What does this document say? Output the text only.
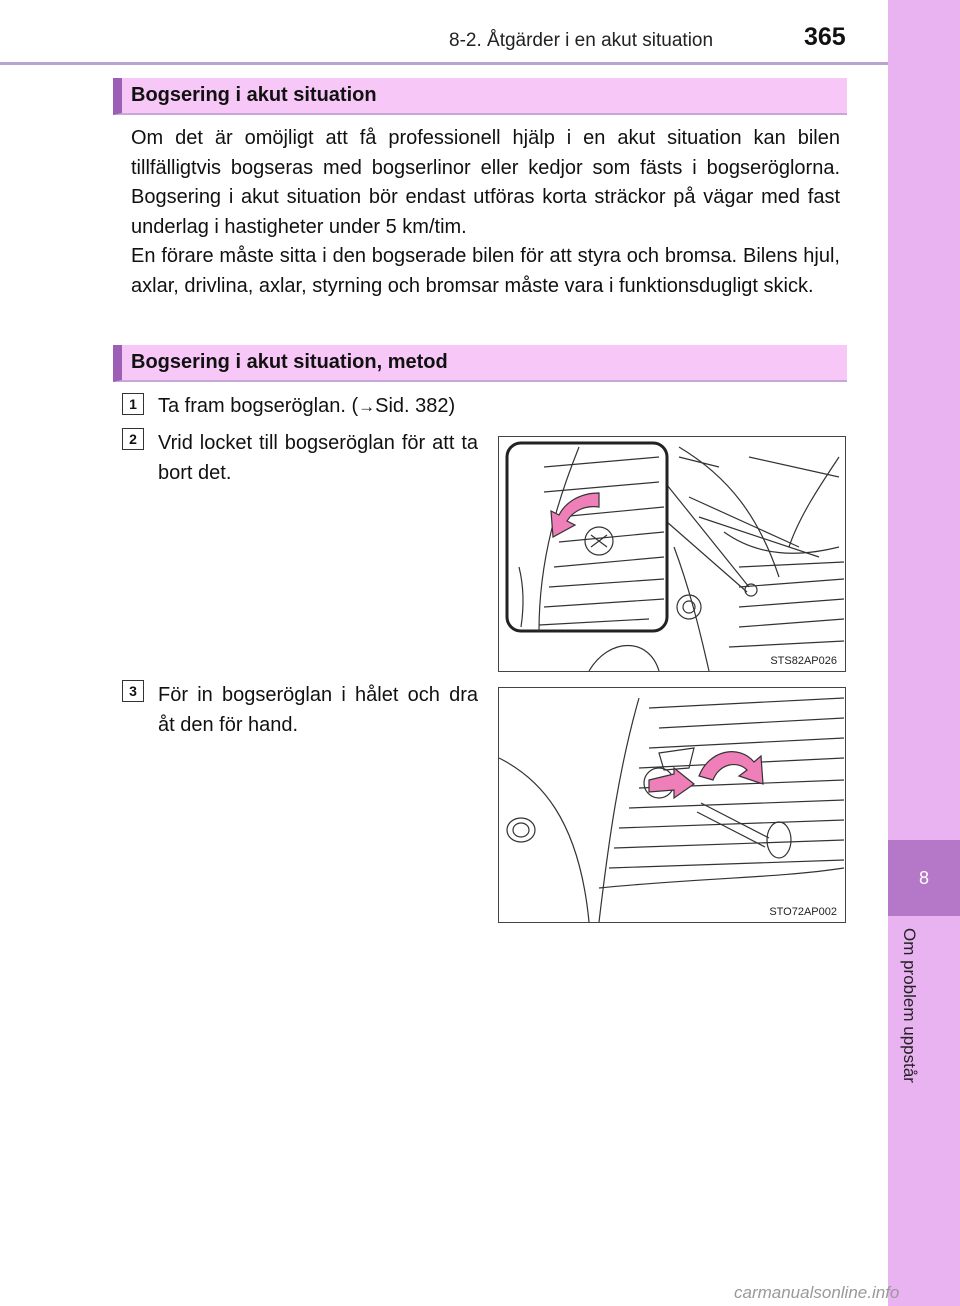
8-2. Åtgärder i en akut situation	365
8
Om problem uppstår
Bogsering i akut situation

Om det är omöjligt att få professionell hjälp i en akut situation kan bilen tillfälligtvis bogseras med bogserlinor eller kedjor som fästs i bogseröglorna. Bogsering i akut situation bör endast utföras korta sträckor på vägar med fast underlag i hastigheter under 5 km/tim.

En förare måste sitta i den bogserade bilen för att styra och bromsa. Bilens hjul, axlar, drivlina, axlar, styrning och bromsar måste vara i funktionsdugligt skick.

Bogsering i akut situation, metod
1	Ta fram bogseröglan. (→Sid. 382)
2	Vrid locket till bogseröglan för att ta bort det.
STS82AP026
3	För in bogseröglan i hålet och dra åt den för hand.
STO72AP002
carmanualsonline.info
